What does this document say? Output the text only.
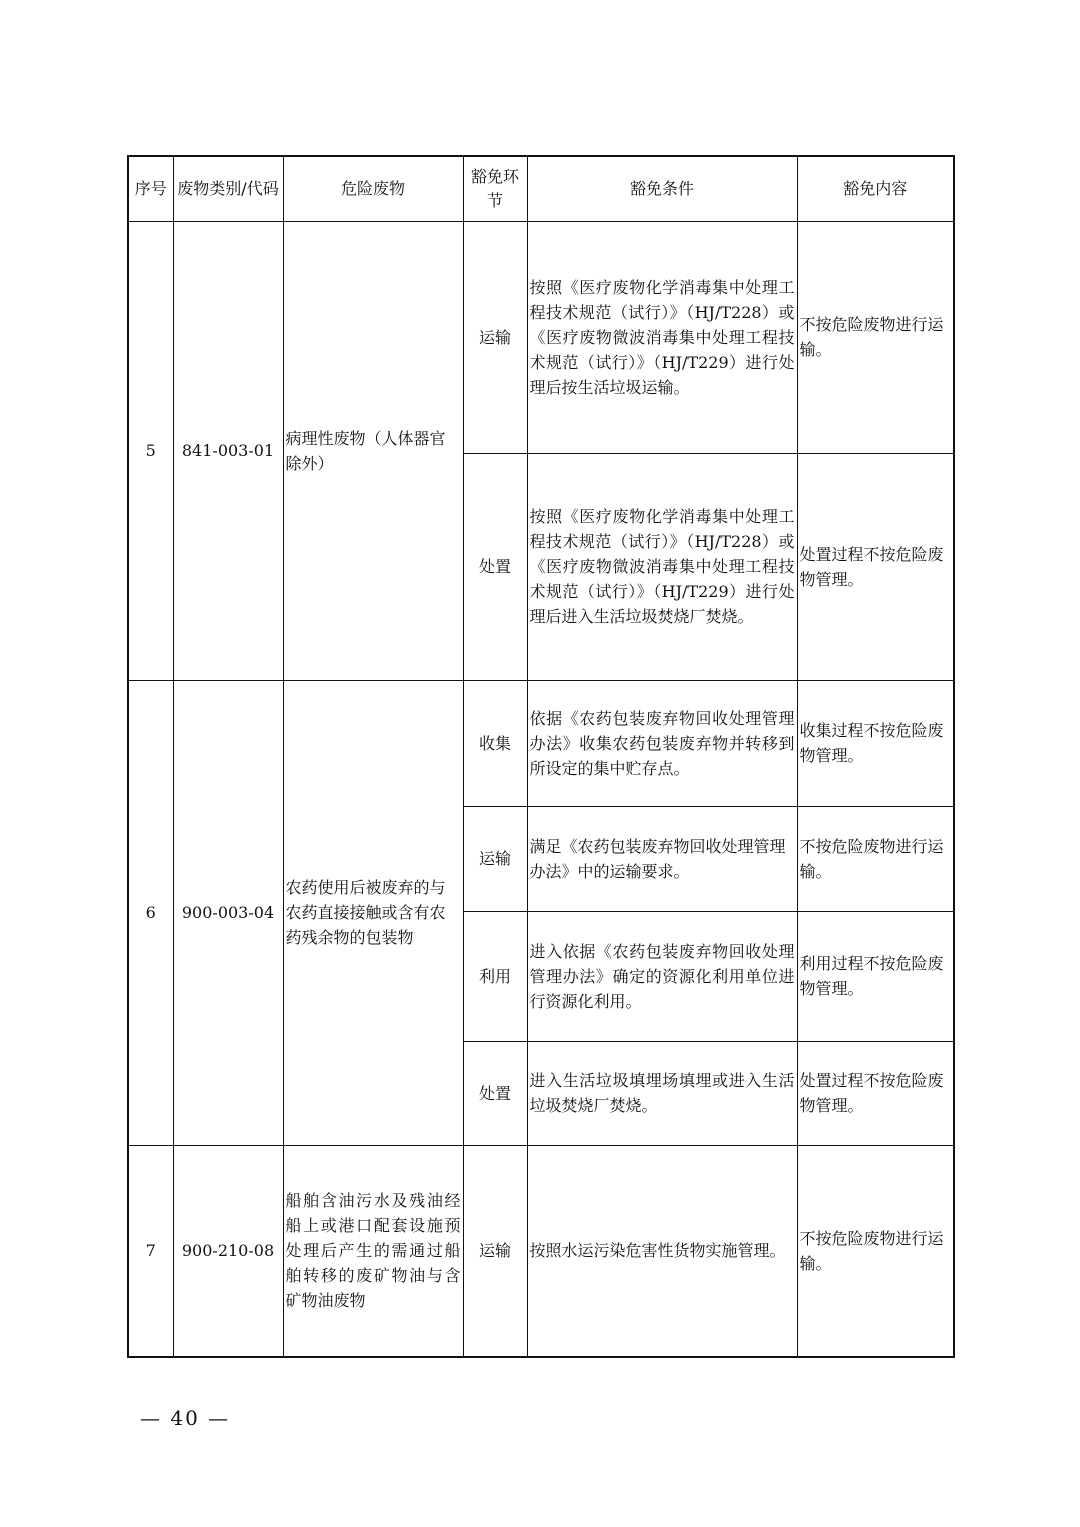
序号	废物类别/代码	危险废物	豁免环节	豁免条件	豁免内容
5	841-003-01	病理性废物（人体器官除外）	运输	按照《医疗废物化学消毒集中处理工程技术规范（试行）》（HJ/T228）或《医疗废物微波消毒集中处理工程技术规范（试行）》（HJ/T229）进行处理后按生活垃圾运输。	不按危险废物进行运输。
			处置	按照《医疗废物化学消毒集中处理工程技术规范（试行）》（HJ/T228）或《医疗废物微波消毒集中处理工程技术规范（试行）》（HJ/T229）进行处理后进入生活垃圾焚烧厂焚烧。	处置过程不按危险废物管理。
6	900-003-04	农药使用后被废弃的与农药直接接触或含有农药残余物的包装物	收集	依据《农药包装废弃物回收处理管理办法》收集农药包装废弃物并转移到所设定的集中贮存点。	收集过程不按危险废物管理。
			运输	满足《农药包装废弃物回收处理管理办法》中的运输要求。	不按危险废物进行运输。
			利用	进入依据《农药包装废弃物回收处理管理办法》确定的资源化利用单位进行资源化利用。	利用过程不按危险废物管理。
			处置	进入生活垃圾填埋场填埋或进入生活垃圾焚烧厂焚烧。	处置过程不按危险废物管理。
7	900-210-08	船舶含油污水及残油经船上或港口配套设施预处理后产生的需通过船舶转移的废矿物油与含矿物油废物	运输	按照水运污染危害性货物实施管理。	不按危险废物进行运输。
— 40 —
